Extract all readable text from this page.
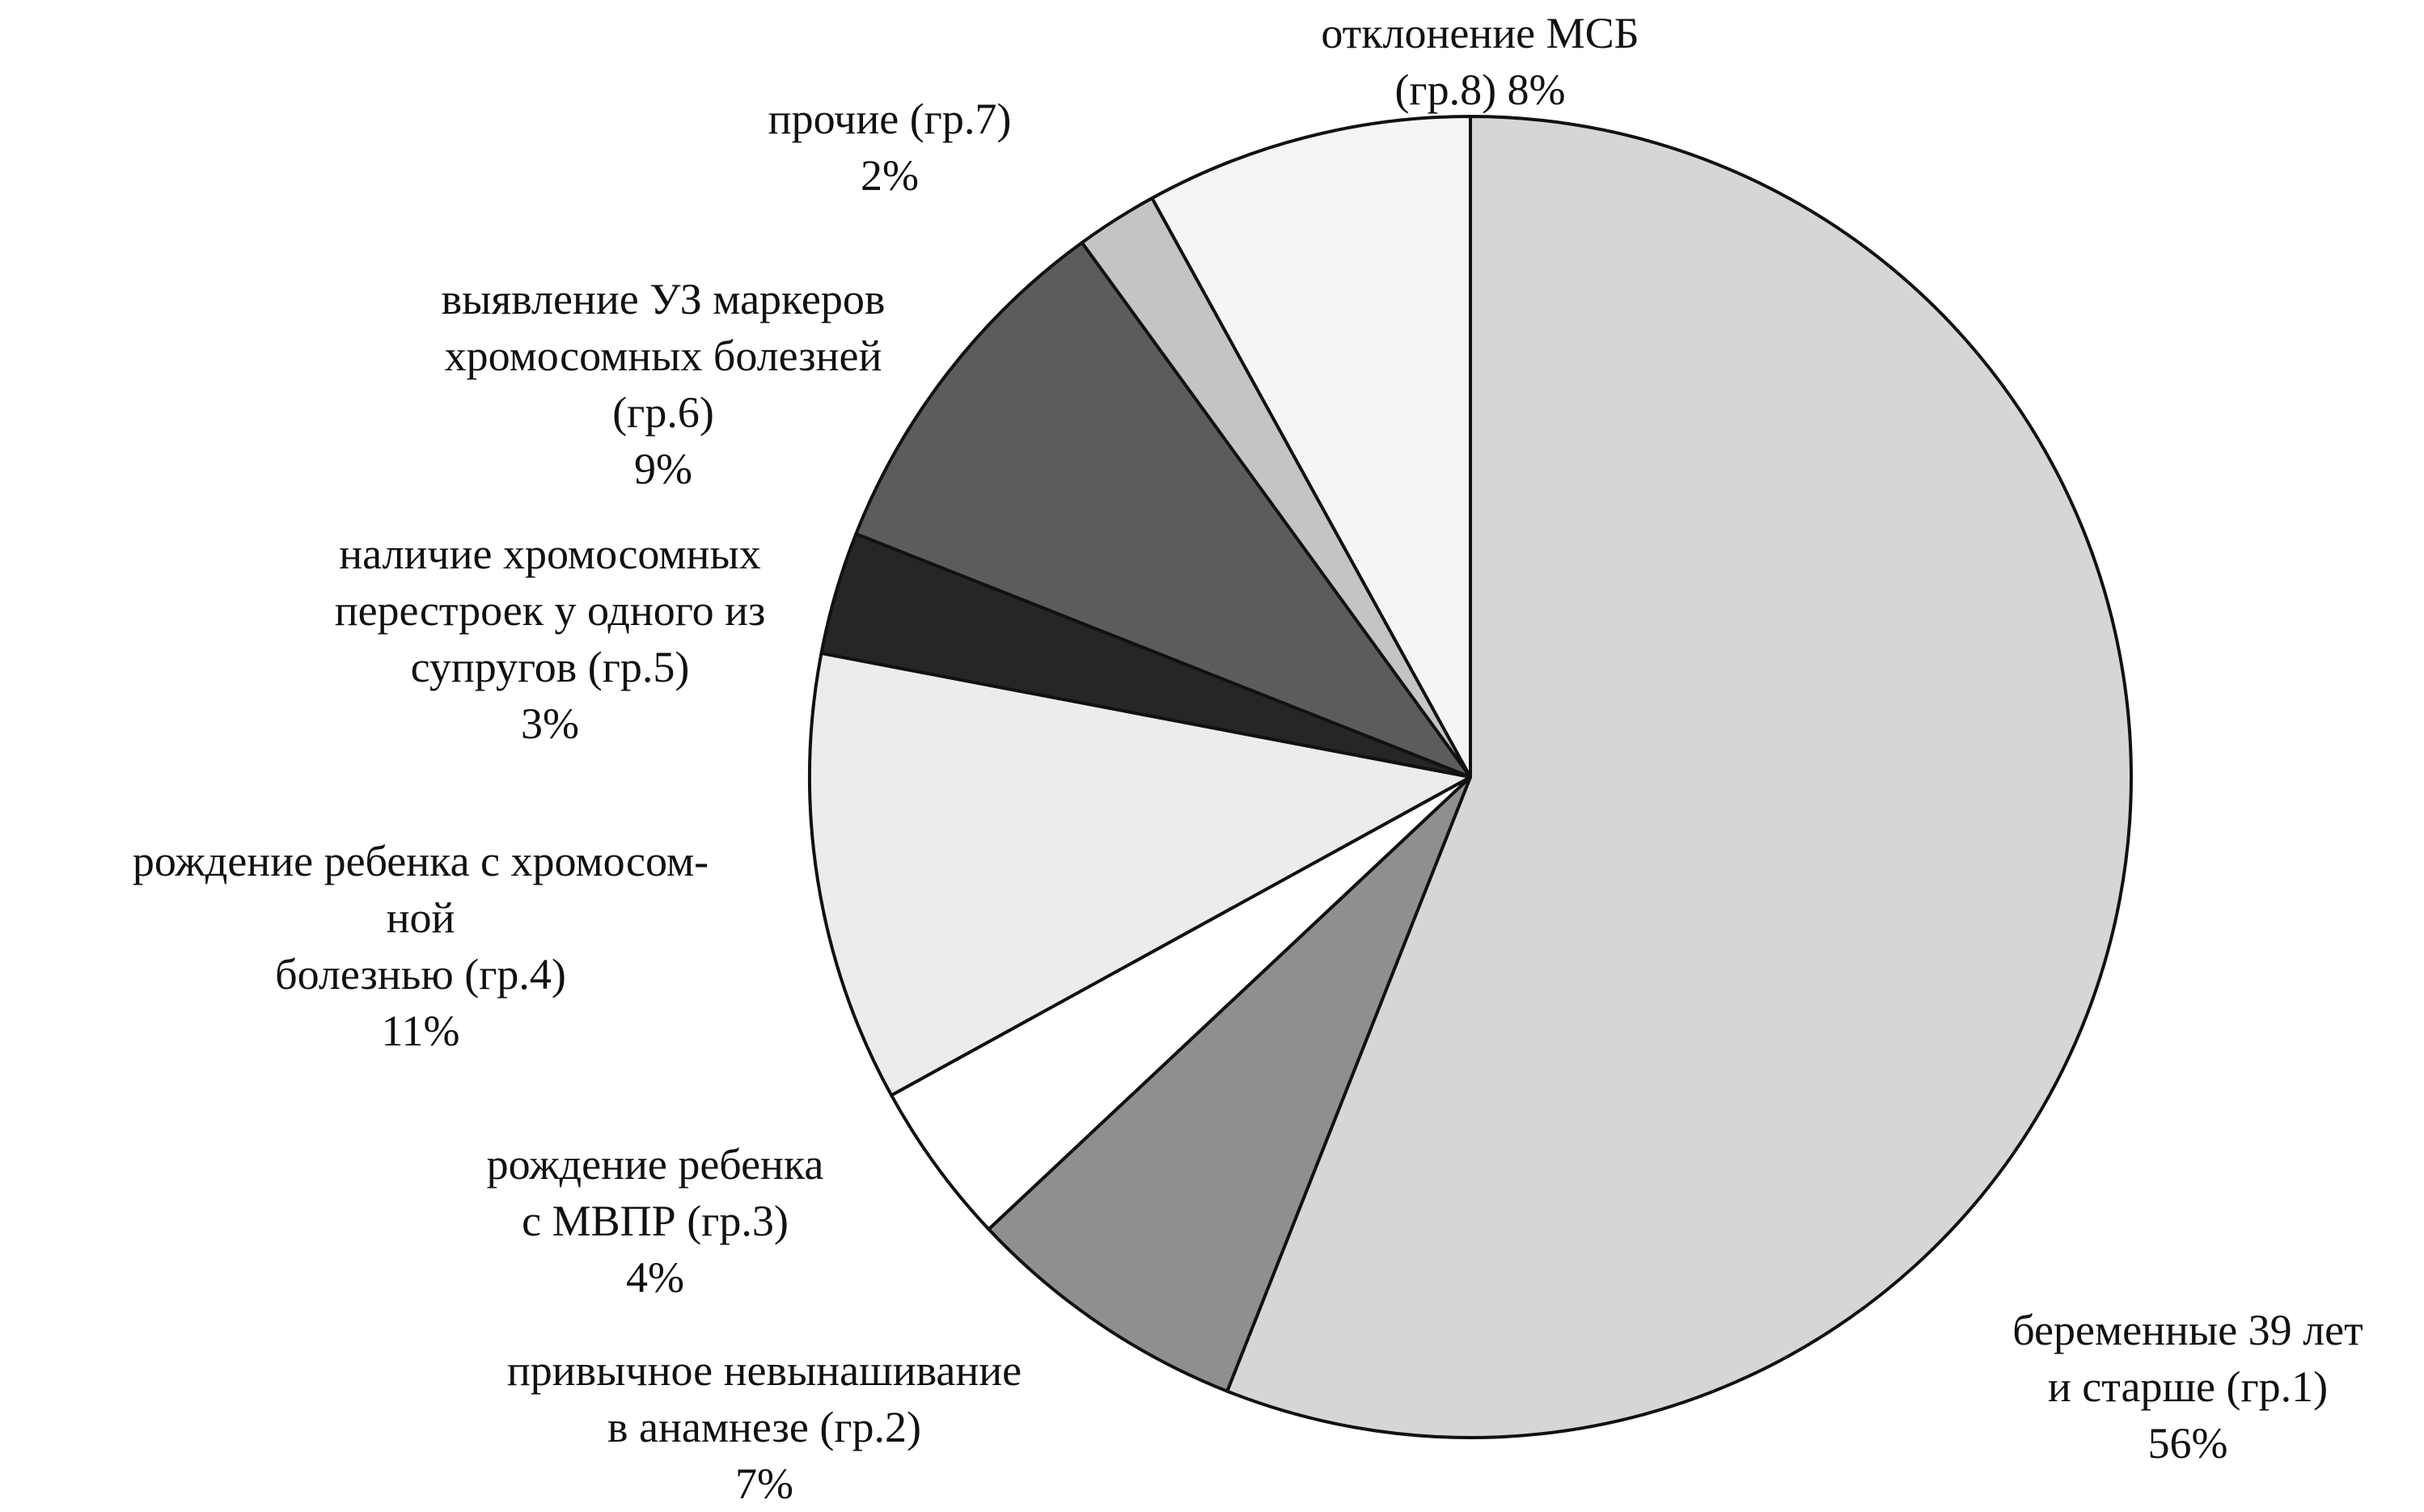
беременные 39 лет
и старше (гр.1)
56%
привычное невынашивание
в анамнезе (гр.2)
7%
рождение ребенка
с МВПР (гр.3)
4%
рождение ребенка с хромосом-
ной
болезнью (гр.4)
11%
наличие хромосомных
перестроек у одного из
супругов (гр.5)
3%
выявление УЗ маркеров
хромосомных болезней
(гр.6)
9%
прочие (гр.7)
2%
отклонение МСБ
(гр.8) 8%
